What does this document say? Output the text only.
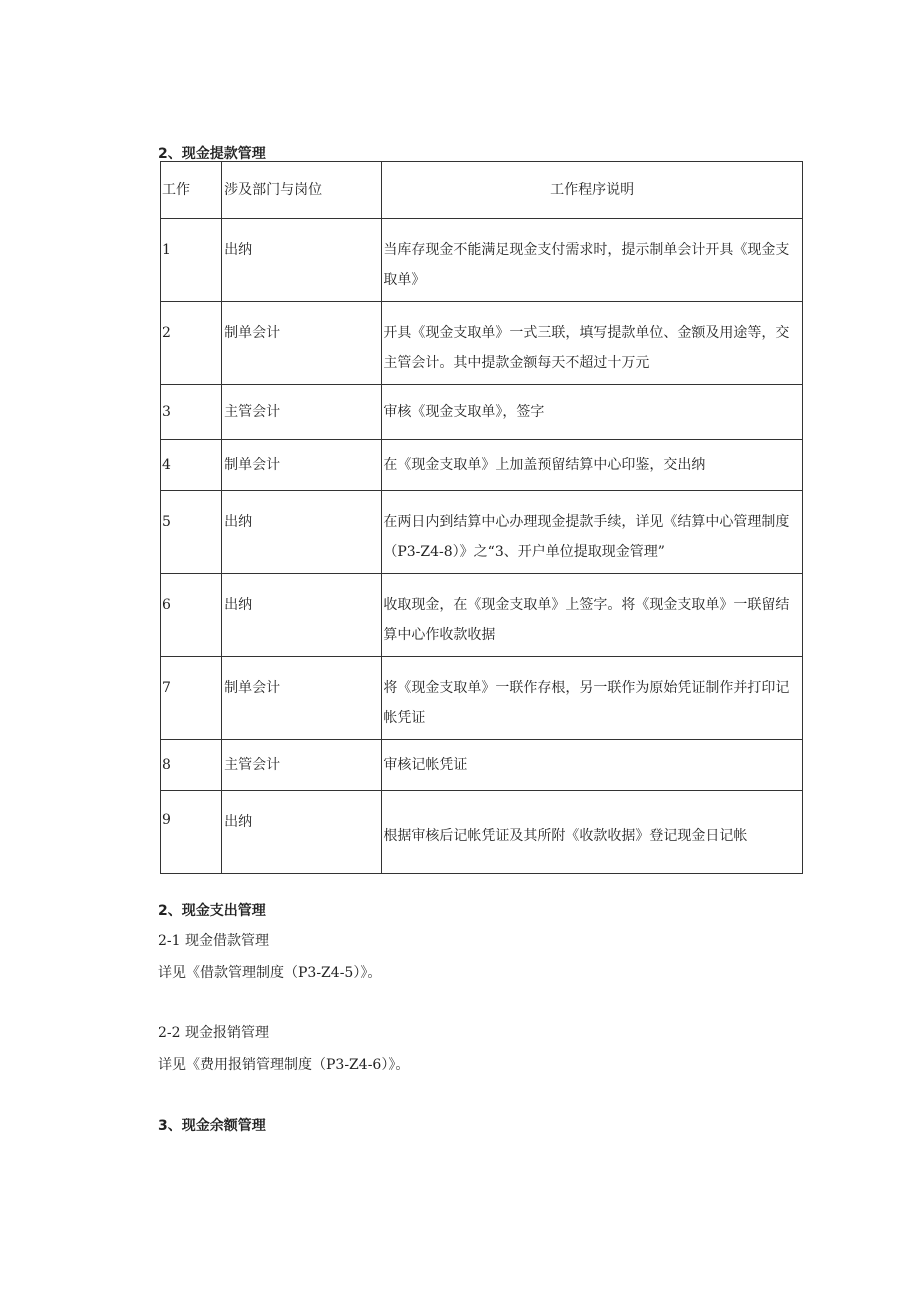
2、现金提款管理
工作	涉及部门与岗位	工作程序说明
1	出纳	当库存现金不能满足现金支付需求时，提示制单会计开具《现金支取单》
2	制单会计	开具《现金支取单》一式三联，填写提款单位、金额及用途等，交主管会计。其中提款金额每天不超过十万元
3	主管会计	审核《现金支取单》，签字
4	制单会计	在《现金支取单》上加盖预留结算中心印鉴，交出纳
5	出纳	在两日内到结算中心办理现金提款手续，详见《结算中心管理制度（P3-Z4-8）》之“3、开户单位提取现金管理”
6	出纳	收取现金，在《现金支取单》上签字。将《现金支取单》一联留结算中心作收款收据
7	制单会计	将《现金支取单》一联作存根，另一联作为原始凭证制作并打印记帐凭证
8	主管会计	审核记帐凭证
9	出纳	根据审核后记帐凭证及其所附《收款收据》登记现金日记帐
2、现金支出管理
2-1 现金借款管理
详见《借款管理制度（P3-Z4-5）》。
2-2 现金报销管理
详见《费用报销管理制度（P3-Z4-6）》。
3、现金余额管理
